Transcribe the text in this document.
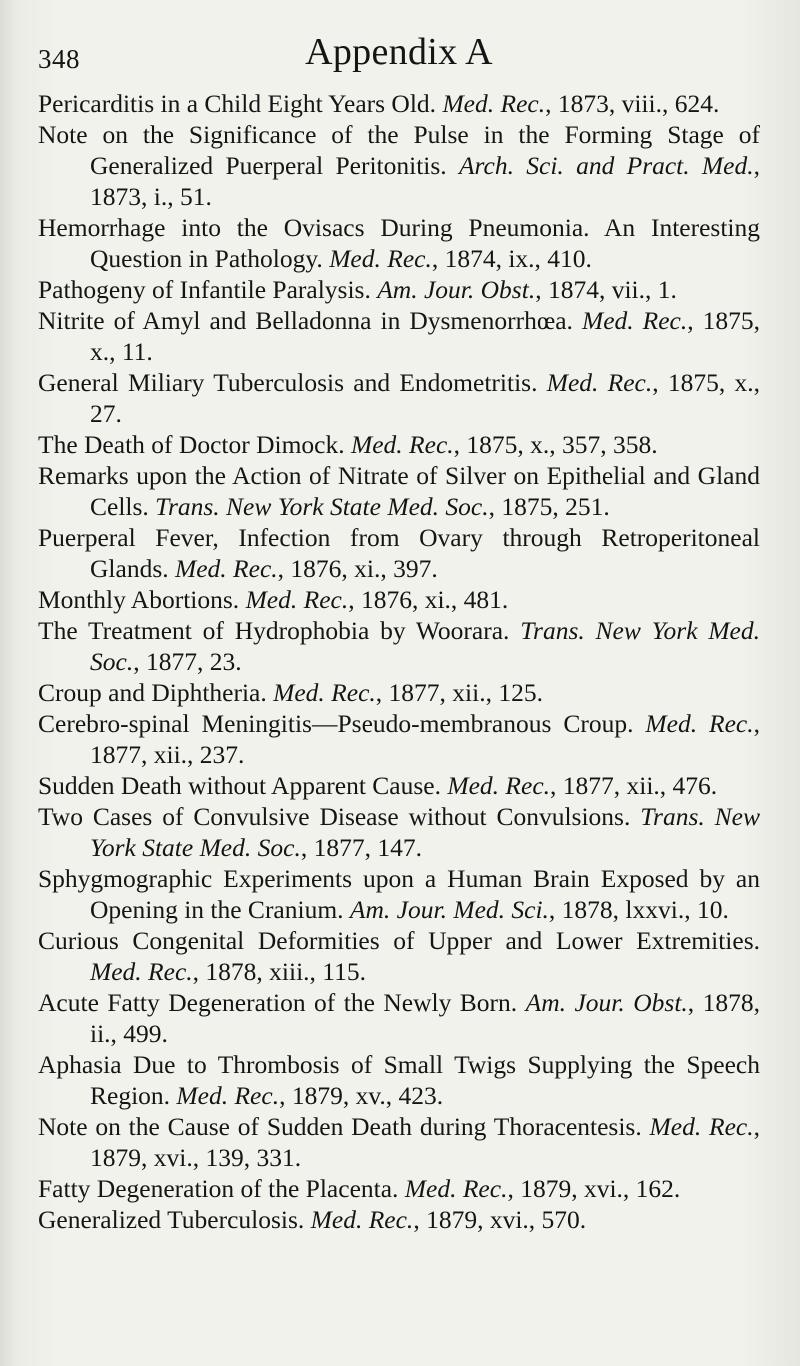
348	Appendix A
Pericarditis in a Child Eight Years Old. Med. Rec., 1873, viii., 624.
Note on the Significance of the Pulse in the Forming Stage of Generalized Puerperal Peritonitis. Arch. Sci. and Pract. Med., 1873, i., 51.
Hemorrhage into the Ovisacs During Pneumonia. An Interesting Question in Pathology. Med. Rec., 1874, ix., 410.
Pathogeny of Infantile Paralysis. Am. Jour. Obst., 1874, vii., 1.
Nitrite of Amyl and Belladonna in Dysmenorrhœa. Med. Rec., 1875, x., 11.
General Miliary Tuberculosis and Endometritis. Med. Rec., 1875, x., 27.
The Death of Doctor Dimock. Med. Rec., 1875, x., 357, 358.
Remarks upon the Action of Nitrate of Silver on Epithelial and Gland Cells. Trans. New York State Med. Soc., 1875, 251.
Puerperal Fever, Infection from Ovary through Retroperitoneal Glands. Med. Rec., 1876, xi., 397.
Monthly Abortions. Med. Rec., 1876, xi., 481.
The Treatment of Hydrophobia by Woorara. Trans. New York Med. Soc., 1877, 23.
Croup and Diphtheria. Med. Rec., 1877, xii., 125.
Cerebro-spinal Meningitis—Pseudo-membranous Croup. Med. Rec., 1877, xii., 237.
Sudden Death without Apparent Cause. Med. Rec., 1877, xii., 476.
Two Cases of Convulsive Disease without Convulsions. Trans. New York State Med. Soc., 1877, 147.
Sphygmographic Experiments upon a Human Brain Exposed by an Opening in the Cranium. Am. Jour. Med. Sci., 1878, lxxvi., 10.
Curious Congenital Deformities of Upper and Lower Extremities. Med. Rec., 1878, xiii., 115.
Acute Fatty Degeneration of the Newly Born. Am. Jour. Obst., 1878, ii., 499.
Aphasia Due to Thrombosis of Small Twigs Supplying the Speech Region. Med. Rec., 1879, xv., 423.
Note on the Cause of Sudden Death during Thoracentesis. Med. Rec., 1879, xvi., 139, 331.
Fatty Degeneration of the Placenta. Med. Rec., 1879, xvi., 162.
Generalized Tuberculosis. Med. Rec., 1879, xvi., 570.
